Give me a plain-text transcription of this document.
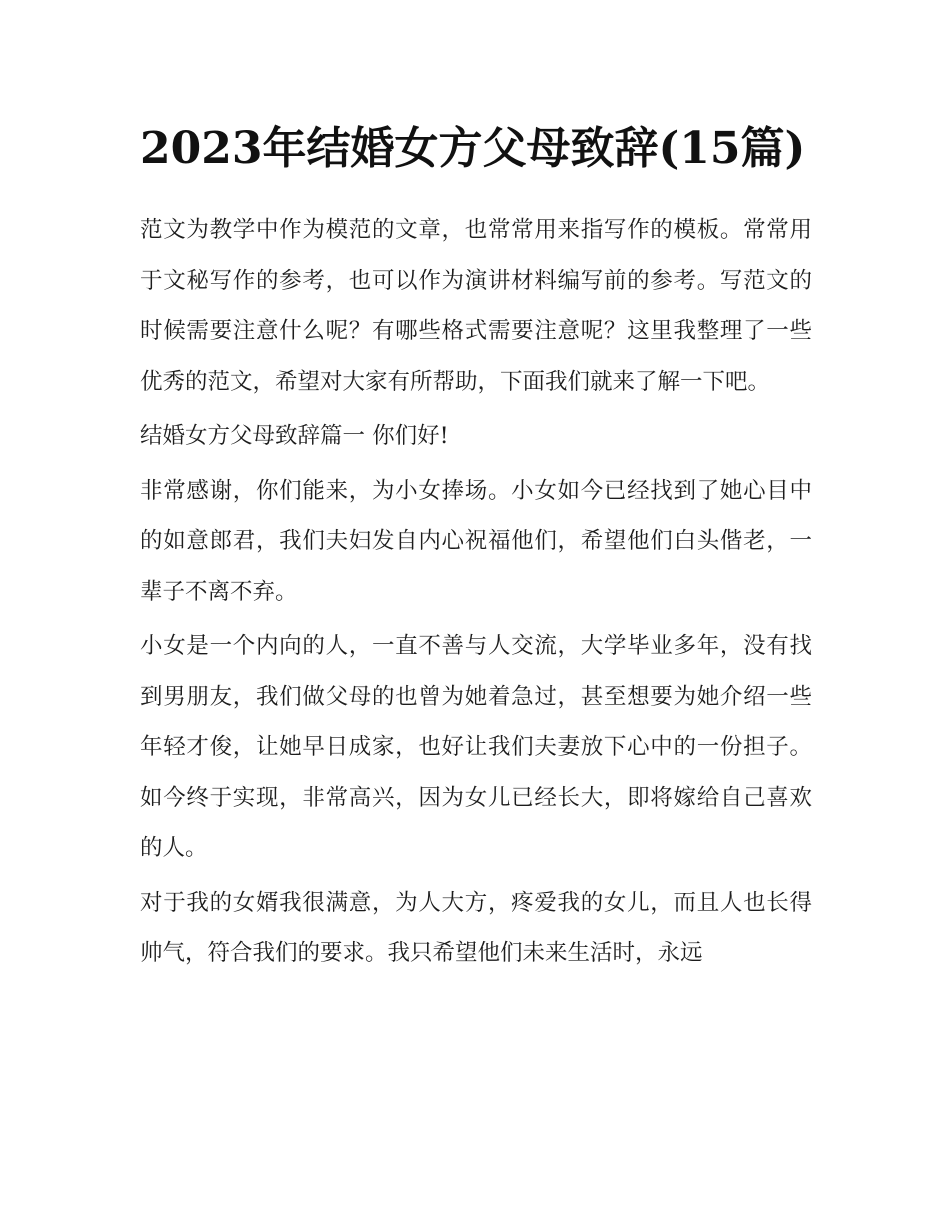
2023年结婚女方父母致辞(15篇)

范文为教学中作为模范的文章，也常常用来指写作的模板。常常用于文秘写作的参考，也可以作为演讲材料编写前的参考。写范文的时候需要注意什么呢？有哪些格式需要注意呢？这里我整理了一些优秀的范文，希望对大家有所帮助，下面我们就来了解一下吧。

结婚女方父母致辞篇一 你们好!

非常感谢，你们能来，为小女捧场。小女如今已经找到了她心目中的如意郎君，我们夫妇发自内心祝福他们，希望他们白头偕老，一辈子不离不弃。

小女是一个内向的人，一直不善与人交流，大学毕业多年，没有找到男朋友，我们做父母的也曾为她着急过，甚至想要为她介绍一些年轻才俊，让她早日成家，也好让我们夫妻放下心中的一份担子。如今终于实现，非常高兴，因为女儿已经长大，即将嫁给自己喜欢的人。

对于我的女婿我很满意，为人大方，疼爱我的女儿，而且人也长得帅气，符合我们的要求。我只希望他们未来生活时，永远
